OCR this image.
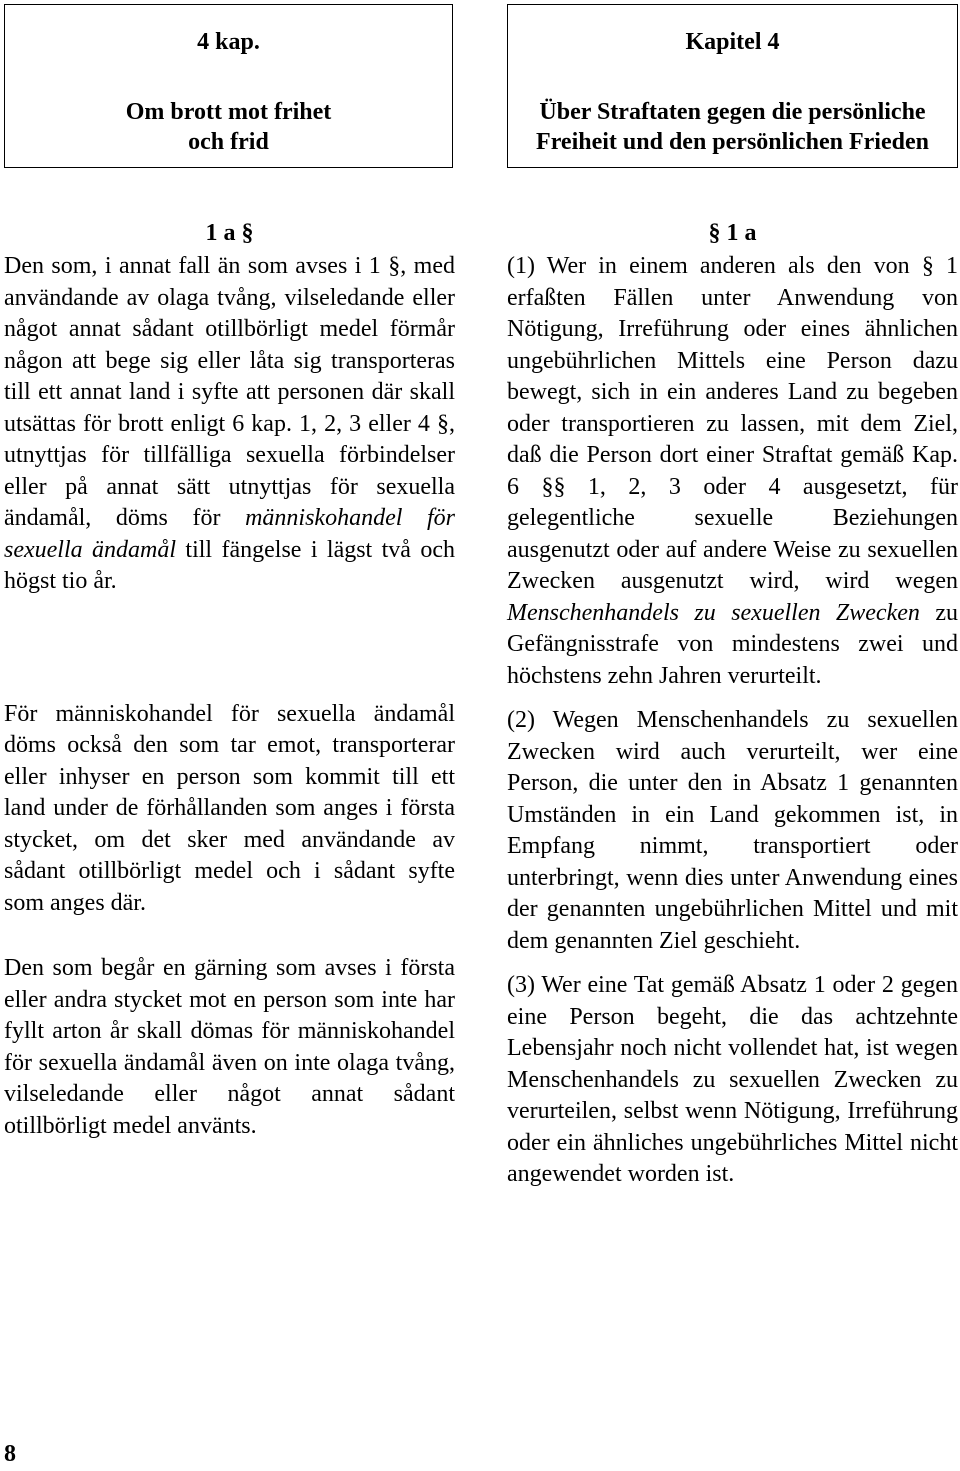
4 kap.
Om brott mot frihet
och frid
Kapitel 4
Über Straftaten gegen die persönliche
Freiheit und den persönlichen Frieden
1 a §

Den som, i annat fall än som avses i 1 §, med användande av olaga tvång, vilseledande eller något annat sådant otillbörligt medel förmår någon att bege sig eller låta sig transporteras till ett annat land i syfte att personen där skall utsättas för brott enligt 6 kap. 1, 2, 3 eller 4 §, utnyttjas för tillfälliga sexuella förbindelser eller på annat sätt utnyttjas för sexuella ändamål, döms för människohandel för sexuella ändamål till fängelse i lägst två och högst tio år.

För människohandel för sexuella ändamål döms också den som tar emot, transporterar eller inhyser en person som kommit till ett land under de förhållanden som anges i första stycket, om det sker med användande av sådant otillbörligt medel och i sådant syfte som anges där.

Den som begår en gärning som avses i första eller andra stycket mot en person som inte har fyllt arton år skall dömas för människohandel för sexuella ändamål även on inte olaga tvång, vilseledande eller något annat sådant otillbörligt medel använts.

§ 1 a

(1) Wer in einem anderen als den von § 1 erfaßten Fällen unter Anwendung von Nötigung, Irreführung oder eines ähnlichen ungebührlichen Mittels eine Person dazu bewegt, sich in ein anderes Land zu begeben oder transportieren zu lassen, mit dem Ziel, daß die Person dort einer Straftat gemäß Kap. 6 §§ 1, 2, 3 oder 4 ausgesetzt, für gelegentliche sexuelle Beziehungen ausgenutzt oder auf andere Weise zu sexuellen Zwecken ausgenutzt wird, wird wegen Menschenhandels zu sexuellen Zwecken zu Gefängnisstrafe von mindestens zwei und höchstens zehn Jahren verurteilt.

(2) Wegen Menschenhandels zu sexuellen Zwecken wird auch verurteilt, wer eine Person, die unter den in Absatz 1 genannten Umständen in ein Land gekommen ist, in Empfang nimmt, transportiert oder unterbringt, wenn dies unter Anwendung eines der genannten ungebührlichen Mittel und mit dem genannten Ziel geschieht.

(3) Wer eine Tat gemäß Absatz 1 oder 2 gegen eine Person begeht, die das achtzehnte Lebensjahr noch nicht vollendet hat, ist wegen Menschenhandels zu sexuellen Zwecken zu verurteilen, selbst wenn Nötigung, Irreführung oder ein ähnliches ungebührliches Mittel nicht angewendet worden ist.

8
